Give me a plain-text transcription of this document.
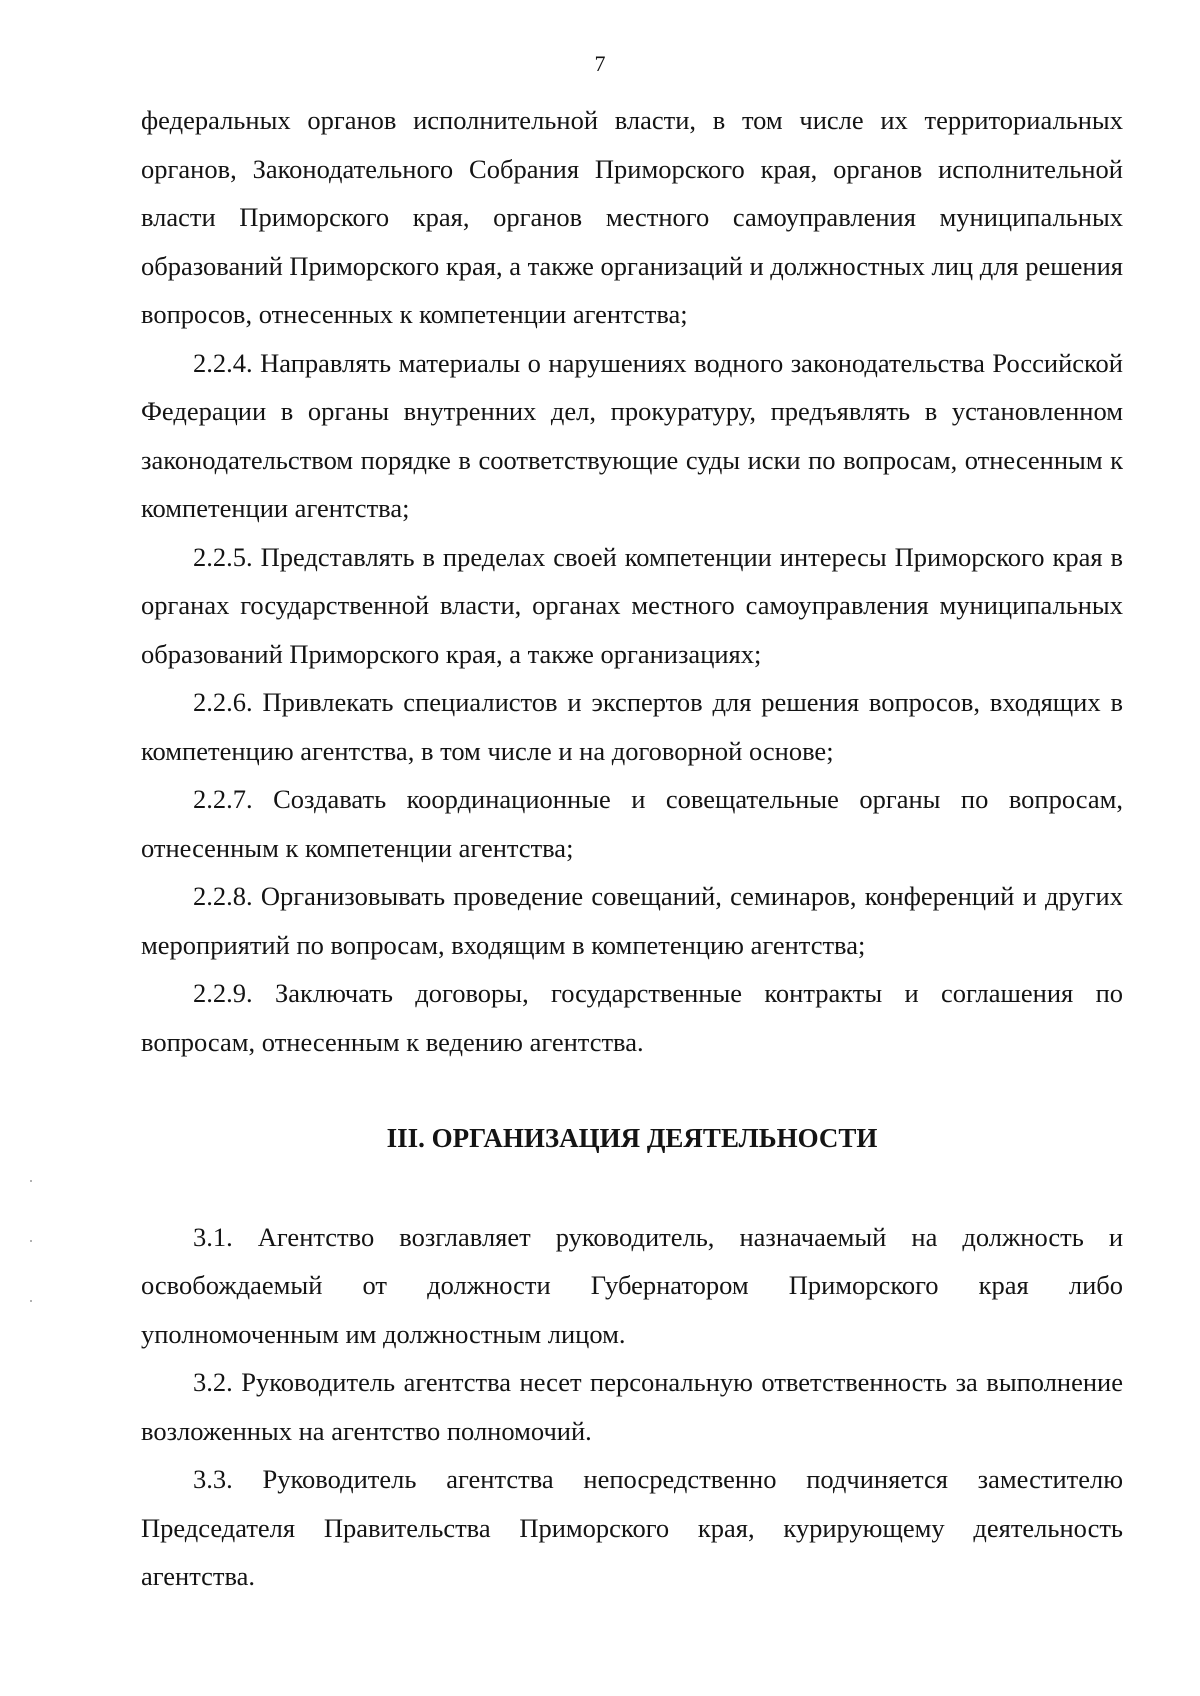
7

федеральных органов исполнительной власти, в том числе их территориальных органов, Законодательного Собрания Приморского края, органов исполнительной власти Приморского края, органов местного самоуправления муниципальных образований Приморского края, а также организаций и должностных лиц для решения вопросов, отнесенных к компетенции агентства;

2.2.4. Направлять материалы о нарушениях водного законодательства Российской Федерации в органы внутренних дел, прокуратуру, предъявлять в установленном законодательством порядке в соответствующие суды иски по вопросам, отнесенным к компетенции агентства;

2.2.5. Представлять в пределах своей компетенции интересы Приморского края в органах государственной власти, органах местного самоуправления муниципальных образований Приморского края, а также организациях;

2.2.6. Привлекать специалистов и экспертов для решения вопросов, входящих в компетенцию агентства, в том числе и на договорной основе;

2.2.7. Создавать координационные и совещательные органы по вопросам, отнесенным к компетенции агентства;

2.2.8. Организовывать проведение совещаний, семинаров, конференций и других мероприятий по вопросам, входящим в компетенцию агентства;

2.2.9. Заключать договоры, государственные контракты и соглашения по вопросам, отнесенным к ведению агентства.

III. ОРГАНИЗАЦИЯ ДЕЯТЕЛЬНОСТИ

3.1. Агентство возглавляет руководитель, назначаемый на должность и освобождаемый от должности Губернатором Приморского края либо уполномоченным им должностным лицом.

3.2. Руководитель агентства несет персональную ответственность за выполнение возложенных на агентство полномочий.

3.3. Руководитель агентства непосредственно подчиняется заместителю Председателя Правительства Приморского края, курирующему деятельность агентства.
